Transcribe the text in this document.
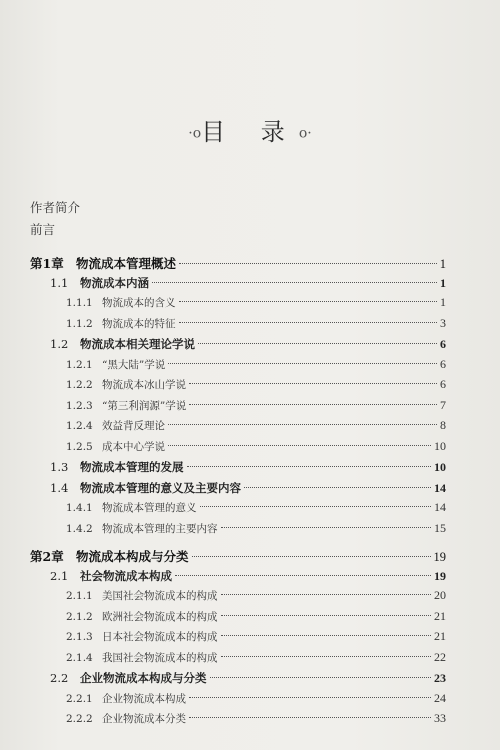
·o目 录o·
作者简介
前言
第1章 物流成本管理概述	1
1.1	物流成本内涵	1
1.1.1 物流成本的含义	1
1.1.2 物流成本的特征	3
1.2	物流成本相关理论学说	6
1.2.1 “黑大陆”学说	6
1.2.2 物流成本冰山学说	6
1.2.3 “第三利润源”学说	7
1.2.4 效益背反理论	8
1.2.5 成本中心学说	10
1.3	物流成本管理的发展	10
1.4	物流成本管理的意义及主要内容	14
1.4.1 物流成本管理的意义	14
1.4.2 物流成本管理的主要内容	15
第2章 物流成本构成与分类	19
2.1	社会物流成本构成	19
2.1.1 美国社会物流成本的构成	20
2.1.2 欧洲社会物流成本的构成	21
2.1.3 日本社会物流成本的构成	21
2.1.4 我国社会物流成本的构成	22
2.2	企业物流成本构成与分类	23
2.2.1 企业物流成本构成	24
2.2.2 企业物流成本分类	33
